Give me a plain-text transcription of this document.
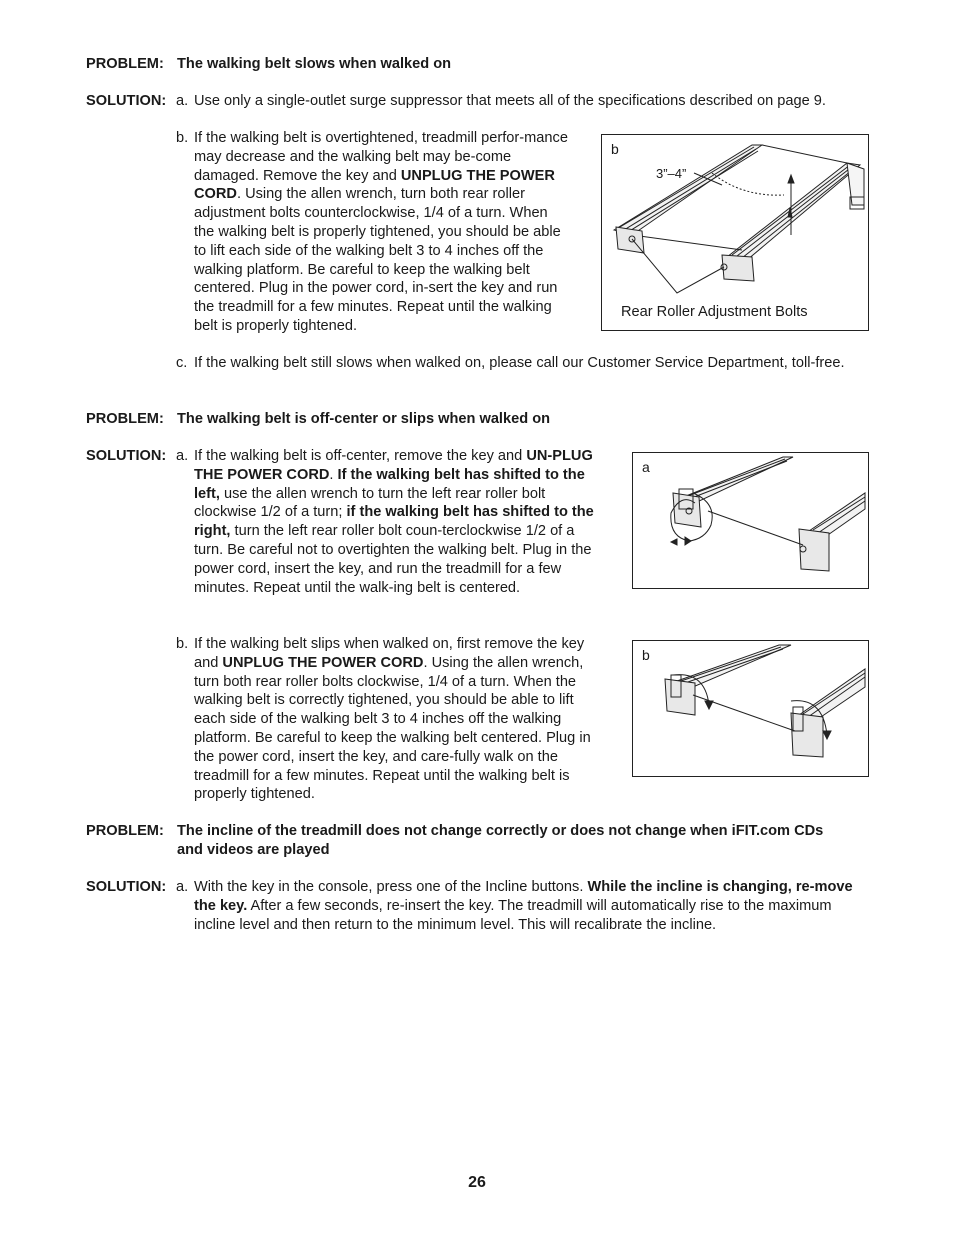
PROBLEM: The walking belt slows when walked on
SOLUTION: a. Use only a single-outlet surge suppressor that meets all of the specifications described on page 9.
b. If the walking belt is overtightened, treadmill perfor-mance may decrease and the walking belt may be-come damaged. Remove the key and UNPLUG THE POWER CORD. Using the allen wrench, turn both rear roller adjustment bolts counterclockwise, 1/4 of a turn. When the walking belt is properly tightened, you should be able to lift each side of the walking belt 3 to 4 inches off the walking platform. Be careful to keep the walking belt centered. Plug in the power cord, in-sert the key and run the treadmill for a few minutes. Repeat until the walking belt is properly tightened.
b
3”–4”
Rear Roller Adjustment Bolts
c. If the walking belt still slows when walked on, please call our Customer Service Department, toll-free.
PROBLEM: The walking belt is off-center or slips when walked on
SOLUTION: a. If the walking belt is off-center, remove the key and UN-PLUG THE POWER CORD. If the walking belt has shifted to the left, use the allen wrench to turn the left rear roller bolt clockwise 1/2 of a turn; if the walking belt has shifted to the right, turn the left rear roller bolt coun-terclockwise 1/2 of a turn. Be careful not to overtighten the walking belt. Plug in the power cord, insert the key, and run the treadmill for a few minutes. Repeat until the walk-ing belt is centered.
a
b. If the walking belt slips when walked on, first remove the key and UNPLUG THE POWER CORD. Using the allen wrench, turn both rear roller bolts clockwise, 1/4 of a turn. When the walking belt is correctly tightened, you should be able to lift each side of the walking belt 3 to 4 inches off the walking platform. Be careful to keep the walking belt centered. Plug in the power cord, insert the key, and care-fully walk on the treadmill for a few minutes. Repeat until the walking belt is properly tightened.
b
PROBLEM: The incline of the treadmill does not change correctly or does not change when iFIT.com CDs and videos are played
SOLUTION: a. With the key in the console, press one of the Incline buttons. While the incline is changing, re-move the key. After a few seconds, re-insert the key. The treadmill will automatically rise to the maximum incline level and then return to the minimum level. This will recalibrate the incline.
26
